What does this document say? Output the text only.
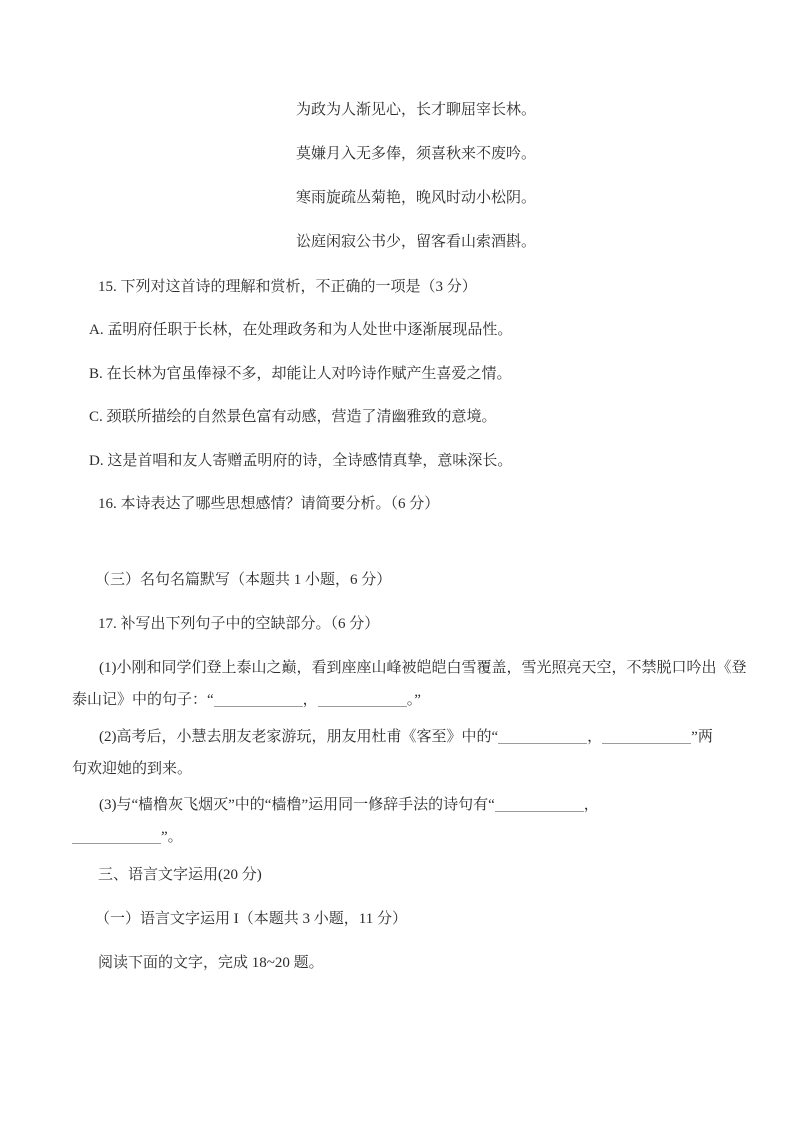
为政为人渐见心，长才聊屈宰长林。
莫嫌月入无多俸，须喜秋来不废吟。
寒雨旋疏丛菊艳，晚风时动小松阴。
讼庭闲寂公书少，留客看山索酒斟。
15. 下列对这首诗的理解和赏析，不正确的一项是（3 分）
A. 孟明府任职于长林，在处理政务和为人处世中逐渐展现品性。
B. 在长林为官虽俸禄不多，却能让人对吟诗作赋产生喜爱之情。
C. 颈联所描绘的自然景色富有动感，营造了清幽雅致的意境。
D. 这是首唱和友人寄赠孟明府的诗，全诗感情真挚，意味深长。
16. 本诗表达了哪些思想感情？请简要分析。（6 分）
（三）名句名篇默写（本题共 1 小题，6 分）
17. 补写出下列句子中的空缺部分。（6 分）
(1)小刚和同学们登上泰山之巅，看到座座山峰被皑皑白雪覆盖，雪光照亮天空，不禁脱口吟出《登
泰山记》中的句子：“	，	。”
(2)高考后，小慧去朋友老家游玩，朋友用杜甫《客至》中的“	，	”两
句欢迎她的到来。
(3)与“樯橹灰飞烟灭”中的“樯橹”运用同一修辞手法的诗句有“	，
”。
三、语言文字运用(20 分)
（一）语言文字运用 I（本题共 3 小题，11 分）
阅读下面的文字，完成 18~20 题。
